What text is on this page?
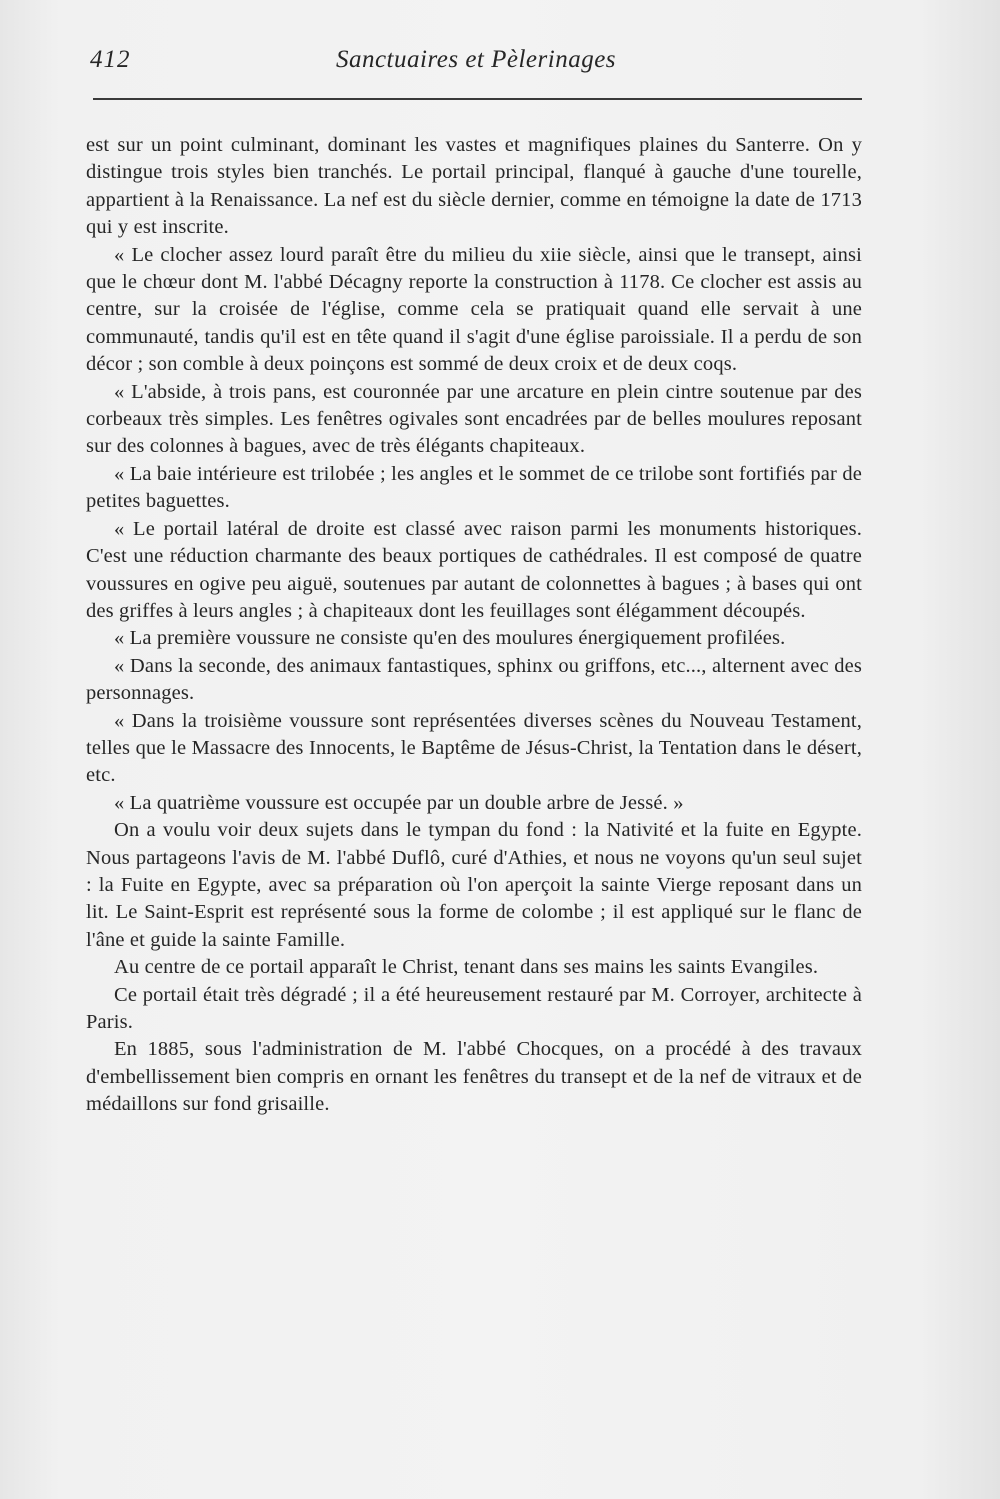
412	Sanctuaires et Pèlerinages

est sur un point culminant, dominant les vastes et magnifiques plaines du Santerre. On y distingue trois styles bien tranchés. Le portail principal, flanqué à gauche d'une tourelle, appartient à la Renaissance. La nef est du siècle dernier, comme en témoigne la date de 1713 qui y est inscrite.

« Le clocher assez lourd paraît être du milieu du xiie siècle, ainsi que le transept, ainsi que le chœur dont M. l'abbé Décagny reporte la construction à 1178. Ce clocher est assis au centre, sur la croisée de l'église, comme cela se pratiquait quand elle servait à une communauté, tandis qu'il est en tête quand il s'agit d'une église paroissiale. Il a perdu de son décor ; son comble à deux poinçons est sommé de deux croix et de deux coqs.

« L'abside, à trois pans, est couronnée par une arcature en plein cintre soutenue par des corbeaux très simples. Les fenêtres ogivales sont encadrées par de belles moulures reposant sur des colonnes à bagues, avec de très élégants chapiteaux.

« La baie intérieure est trilobée ; les angles et le sommet de ce trilobe sont fortifiés par de petites baguettes.

« Le portail latéral de droite est classé avec raison parmi les monuments historiques. C'est une réduction charmante des beaux portiques de cathédrales. Il est composé de quatre voussures en ogive peu aiguë, soutenues par autant de colonnettes à bagues ; à bases qui ont des griffes à leurs angles ; à chapiteaux dont les feuillages sont élégamment découpés.

« La première voussure ne consiste qu'en des moulures énergiquement profilées.

« Dans la seconde, des animaux fantastiques, sphinx ou griffons, etc..., alternent avec des personnages.

« Dans la troisième voussure sont représentées diverses scènes du Nouveau Testament, telles que le Massacre des Innocents, le Baptême de Jésus-Christ, la Tentation dans le désert, etc.

« La quatrième voussure est occupée par un double arbre de Jessé. »

On a voulu voir deux sujets dans le tympan du fond : la Nativité et la fuite en Egypte. Nous partageons l'avis de M. l'abbé Duflô, curé d'Athies, et nous ne voyons qu'un seul sujet : la Fuite en Egypte, avec sa préparation où l'on aperçoit la sainte Vierge reposant dans un lit. Le Saint-Esprit est représenté sous la forme de colombe ; il est appliqué sur le flanc de l'âne et guide la sainte Famille.

Au centre de ce portail apparaît le Christ, tenant dans ses mains les saints Evangiles.

Ce portail était très dégradé ; il a été heureusement restauré par M. Corroyer, architecte à Paris.

En 1885, sous l'administration de M. l'abbé Chocques, on a procédé à des travaux d'embellissement bien compris en ornant les fenêtres du transept et de la nef de vitraux et de médaillons sur fond grisaille.
